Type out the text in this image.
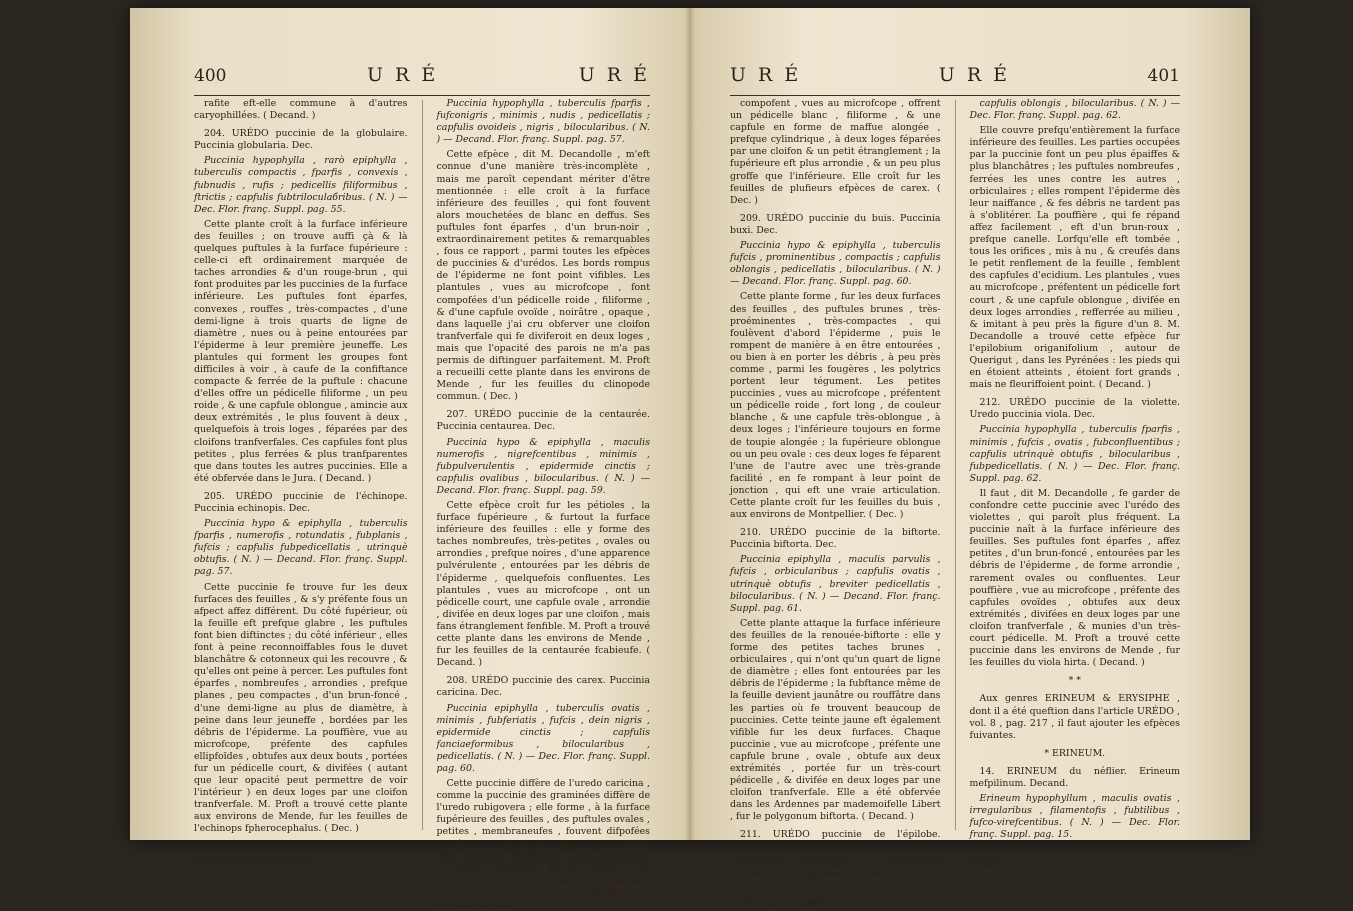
400	U R É	U R É

rafite eft-elle commune à d'autres caryophillées. ( Decand. )

204. URÉDO puccinie de la globulaire. Puccinia globularia. Dec.

Puccinia hypophylla , rarò epiphylla , tuberculis compactis , fparfis , convexis , fubnudis , rufis ; pedicellis filiformibus , ftrictis ; capfulis fubtriloculaбribus. ( N. ) — Dec. Flor. franç. Suppl. pag. 55.

Cette plante croît à la furface inférieure des feuilles ; on trouve auffi çà & là quelques puftules à la furface fupérieure : celle-ci eft ordinairement marquée de taches arrondies & d'un rouge-brun , qui font produites par les puccinies de la furface inférieure. Les puftules font éparfes, convexes , rouffes , très-compactes , d'une demi-ligne à trois quarts de ligne de diamètre , nues ou à peine entourées par l'épiderme à leur première jeuneffe. Les plantules qui forment les groupes font difficiles à voir , à caufe de la confiftance compacte & ferrée de la puftule : chacune d'elles offre un pédicelle filiforme , un peu roide , & une capfule oblongue , amincie aux deux extrémités , le plus fouvent à deux , quelquefois à trois loges , féparées par des cloifons tranfverfales. Ces capfules font plus petites , plus ferrées & plus tranfparentes que dans toutes les autres puccinies. Elle a été obfervée dans le Jura. ( Decand. )

205. URÉDO puccinie de l'échinope. Puccinia echinopis. Dec.

Puccinia hypo & epiphylla , tuberculis fparfis , numerofis , rotundatis , fubplanis , fufcis ; capfulis fubpedicellatis , utrinquè obtufis. ( N. ) — Decand. Flor. franç. Suppl. pag. 57.

Cette puccinie fe trouve fur les deux furfaces des feuilles , & s'y préfente fous un afpect affez différent. Du côté fupérieur, où la feuille eft prefque glabre , les puftules font bien diftinctes ; du côté inférieur , elles font à peine reconnoiffables fous le duvet blanchâtre & cotonneux qui les recouvre , & qu'elles ont peine à percer. Les puftules font éparfes , nombreufes , arrondies , prefque planes , peu compactes , d'un brun-foncé , d'une demi-ligne au plus de diamètre, à peine dans leur jeuneffe , bordées par les débris de l'épiderme. La pouffière, vue au microfcope, préfente des capfules ellipfoïdes , obtufes aux deux bouts , portées fur un pédicelle court, & divifées ( autant que leur opacité peut permettre de voir l'intérieur ) en deux loges par une cloifon tranfverfale. M. Proft a trouvé cette plante aux environs de Mende, fur les feuilles de l'echinops fpherocephalus. ( Dec. )

206. URÉDO puccinie du clinopode. Puccinia clinopodii. Dec.

Puccinia hypophylla , tuberculis fparfis , fufconigris , minimis , nudis , pedicellatis ; capfulis ovoideis , nigris , bilocularibus. ( N. ) — Decand. Flor. franç. Suppl. pag. 57.

Cette efpèce , dit M. Decandolle , m'eft connue d'une manière très-incomplète , mais me paroît cependant mériter d'être mentionnée : elle croît à la furface inférieure des feuilles , qui font fouvent alors mouchetées de blanc en deffus. Ses puftules font éparfes , d'un brun-noir , extraordinairement petites & remarquables , fous ce rapport , parmi toutes les efpèces de puccinies & d'urédos. Les bords rompus de l'épiderme ne font point vifibles. Les plantules , vues au microfcope , font compofées d'un pédicelle roide , filiforme , & d'une capfule ovoïde , noirâtre , opaque , dans laquelle j'ai cru obferver une cloifon tranfverfale qui fe diviferoit en deux loges , mais que l'opacité des parois ne m'a pas permis de diftinguer parfaitement. M. Proft a recueilli cette plante dans les environs de Mende , fur les feuilles du clinopode commun. ( Dec. )

207. URÉDO puccinie de la centaurée. Puccinia centaurea. Dec.

Puccinia hypo & epiphylla , maculis numerofis , nigrefcentibus , minimis , fubpulverulentis , epidermide cinctis ; capfulis ovalibus , bilocularibus. ( N. ) — Decand. Flor. franç. Suppl. pag. 59.

Cette efpèce croît fur les pétioles , la furface fupérieure , & furtout la furface inférieure des feuilles : elle y forme des taches nombreufes, très-petites , ovales ou arrondies , prefque noires , d'une apparence pulvérulente , entourées par les débris de l'épiderme , quelquefois confluentes. Les plantules , vues au microfcope , ont un pédicelle court, une capfule ovale , arrondie , divifée en deux loges par une cloifon , mais fans étranglement fenfible. M. Proft a trouvé cette plante dans les environs de Mende , fur les feuilles de la centaurée fcabieufe. ( Decand. )

208. URÉDO puccinie des carex. Puccinia caricina. Dec.

Puccinia epiphylla , tuberculis ovatis , minimis , fubferiatis , fufcis , dein nigris , epidermide cinctis ; capfulis fanciaeformibus , bilocularibus , pedicellatis. ( N. ) — Dec. Flor. franç. Suppl. pag. 60.

Cette puccinie diffère de l'uredo caricina , comme la puccinie des graminées diffère de l'uredo rubigovera ; elle forme , à la furface fupérieure des feuilles , des puftules ovales , petites , membraneufes , fouvent difpofées en féries longitudinales. Dans leur jeuneffe elles foulèvent l'épiderme , puis le rompent & reftent entourées de fes débris. Leur couleur eft brune à leur naiffance, & devient noire à la fin de leur vie. Les plantules qui les compofent ,

U R É	U R É	401

compofent , vues au microfcope , offrent un pédicelle blanc , filiforme , & une capfule en forme de maffue alongée , prefque cylindrique , à deux loges féparées par une cloifon & un petit étranglement ; la fupérieure eft plus arrondie , & un peu plus groffe que l'inférieure. Elle croît fur les feuilles de plufieurs efpèces de carex. ( Dec. )

209. URÉDO puccinie du buis. Puccinia buxi. Dec.

Puccinia hypo & epiphylla , tuberculis fufcis , prominentibus , compactis ; capfulis oblongis , pedicellatis , bilocularibus. ( N. ) — Decand. Flor. franç. Suppl. pag. 60.

Cette plante forme , fur les deux furfaces des feuilles , des puftules brunes , très-proéminentes , très-compactes , qui foulèvent d'abord l'épiderme , puis le rompent de manière à en être entourées , ou bien à en porter les débris , à peu près comme , parmi les fougères , les polytrics portent leur tégument. Les petites puccinies , vues au microfcope , préfentent un pédicelle roide , fort long , de couleur blanche , & une capfule très-oblongue , à deux loges ; l'inférieure toujours en forme de toupie alongée ; la fupérieure oblongue ou un peu ovale : ces deux loges fe féparent l'une de l'autre avec une très-grande facilité , en fe rompant à leur point de jonction , qui eft une vraie articulation. Cette plante croît fur les feuilles du buis , aux environs de Montpellier. ( Dec. )

210. URÉDO puccinie de la biftorte. Puccinia biftorta. Dec.

Puccinia epiphylla , maculis parvulis , fufcis , orbicularibus ; capfulis ovatis , utrinquè obtufis , breviter pedicellatis , bilocularibus. ( N. ) — Decand. Flor. franç. Suppl. pag. 61.

Cette plante attaque la furface inférieure des feuilles de la renouée-biftorte : elle y forme des petites taches brunes , orbiculaires , qui n'ont qu'un quart de ligne de diamètre ; elles font entourées par les débris de l'épiderme ; la fubftance même de la feuille devient jaunâtre ou rouffâtre dans les parties où fe trouvent beaucoup de puccinies. Cette teinte jaune eft également vifible fur les deux furfaces. Chaque puccinie , vue au microfcope , préfente une capfule brune , ovale , obtufe aux deux extrémités , portée fur un très-court pédicelle , & divifée en deux loges par une cloifon tranfverfale. Elle a été obfervée dans les Ardennes par mademoifelle Libert , fur le polygonum biftorta. ( Decand. )

211. URÉDO puccinie de l'épilobe. Puccinia epilobii. Dec.

Puccinia hypophylla , tuberculis numerofis , conglomeratis , orbicularibus ; pulvere fubcinnamomeo ;

Botanique. Supplément. Tome V.

capfulis oblongis , bilocularibus. ( N. ) — Dec. Flor. franç. Suppl. pag. 62.

Elle couvre prefqu'entièrement la furface inférieure des feuilles. Les parties occupées par la puccinie font un peu plus épaiffes & plus blanchâtres ; les puftules nombreufes , ferrées les unes contre les autres , orbiculaires ; elles rompent l'épiderme dès leur naiffance , & fes débris ne tardent pas à s'oblitérer. La pouffière , qui fe répand affez facilement , eft d'un brun-roux , prefque canelle. Lorfqu'elle eft tombée , tous les orifices , mis à nu , & creufés dans le petit renflement de la feuille , femblent des capfules d'ecidium. Les plantules , vues au microfcope , préfentent un pédicelle fort court , & une capfule oblongue , divifée en deux loges arrondies , refferrée au milieu , & imitant à peu près la figure d'un 8. M. Decandolle a trouvé cette efpèce fur l'epilobium origanifolium , autour de Querigut , dans les Pyrénées : les pieds qui en étoient atteints , étoient fort grands , mais ne fleuriffoient point. ( Decand. )

212. URÉDO puccinie de la violette. Uredo puccinia viola. Dec.

Puccinia hypophylla , tuberculis fparfis , minimis , fufcis , ovatis , fubconfluentibus ; capfulis utrinquè obtufis , bilocularibus , fubpedicellatis. ( N. ) — Dec. Flor. franç. Suppl. pag. 62.

Il faut , dit M. Decandolle , fe garder de confondre cette puccinie avec l'urédo des violettes , qui paroît plus fréquent. La puccinie naît à la furface inférieure des feuilles. Ses puftules font éparfes , affez petites , d'un brun-foncé , entourées par les débris de l'épiderme , de forme arrondie , rarement ovales ou confluentes. Leur pouffière , vue au microfcope , préfente des capfules ovoïdes , obtufes aux deux extrémités , divifées en deux loges par une cloifon tranfverfale , & munies d'un très-court pédicelle. M. Proft a trouvé cette puccinie dans les environs de Mende , fur les feuilles du viola hirta. ( Decand. )

* *

Aux genres ERINEUM & ERYSIPHE , dont il a été queftion dans l'article URÉDO , vol. 8 , pag. 217 , il faut ajouter les efpèces fuivantes.

* ERINEUM.

14. ERINEUM du néflier. Erineum mefpilinum. Decand.

Erineum hypophyllum , maculis ovatis , irregularibus , filamentofis , fubtilibus , fufco-virefcentibus. ( N. ) — Dec. Flor. franç. Suppl. pag. 15.

Cette plante forme des taches ovales , irrégu-

E e e
